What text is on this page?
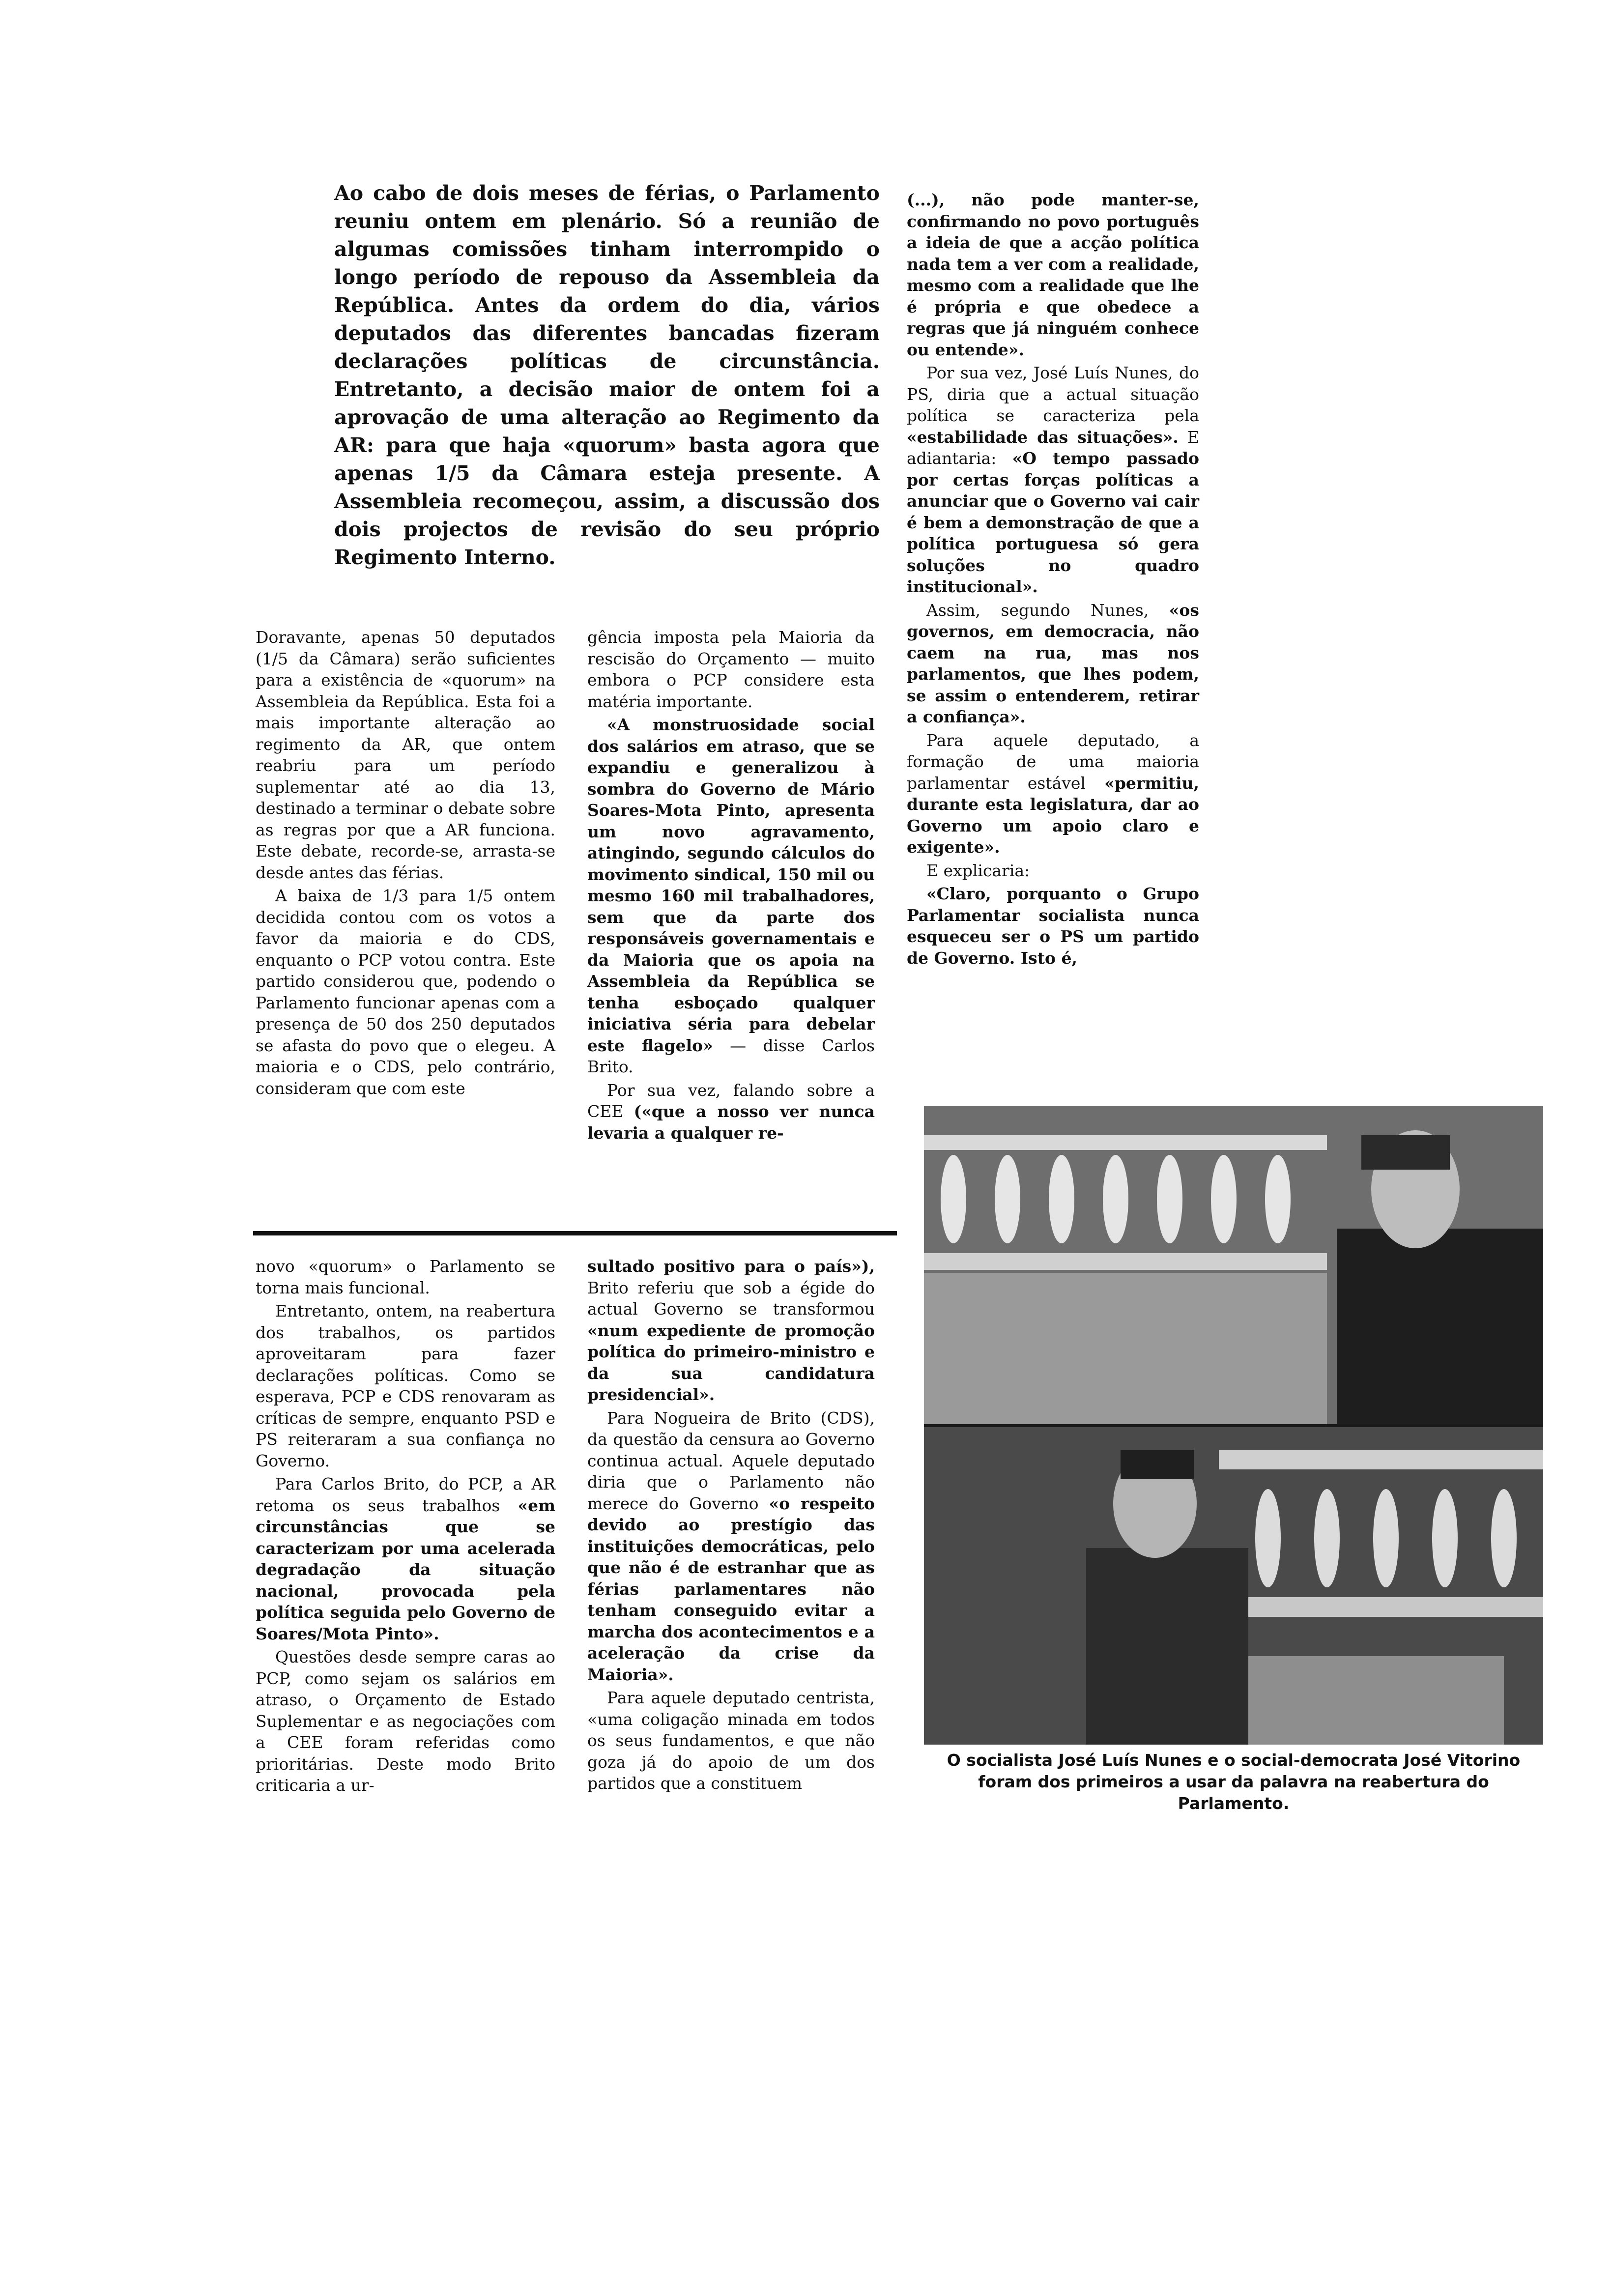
Ao cabo de dois meses de férias, o Parlamento reuniu ontem em plenário. Só a reunião de algumas comissões tinham interrompido o longo período de repouso da Assembleia da República. Antes da ordem do dia, vários deputados das diferentes bancadas fizeram declarações políticas de circunstância. Entretanto, a decisão maior de ontem foi a aprovação de uma alteração ao Regimento da AR: para que haja «quorum» basta agora que apenas 1/5 da Câmara esteja presente. A Assembleia recomeçou, assim, a discussão dos dois projectos de revisão do seu próprio Regimento Interno.

Doravante, apenas 50 deputados (1/5 da Câmara) serão suficientes para a existência de «quorum» na Assembleia da República. Esta foi a mais importante alteração ao regimento da AR, que ontem reabriu para um período suplementar até ao dia 13, destinado a terminar o debate sobre as regras por que a AR funciona. Este debate, recorde-se, arrasta-se desde antes das férias.

A baixa de 1/3 para 1/5 ontem decidida contou com os votos a favor da maioria e do CDS, enquanto o PCP votou contra. Este partido considerou que, podendo o Parlamento funcionar apenas com a presença de 50 dos 250 deputados se afasta do povo que o elegeu. A maioria e o CDS, pelo contrário, consideram que com este

gência imposta pela Maioria da rescisão do Orçamento — muito embora o PCP considere esta matéria importante.

«A monstruosidade social dos salários em atraso, que se expandiu e generalizou à sombra do Governo de Mário Soares-Mota Pinto, apresenta um novo agravamento, atingindo, segundo cálculos do movimento sindical, 150 mil ou mesmo 160 mil trabalhadores, sem que da parte dos responsáveis governamentais e da Maioria que os apoia na Assembleia da República se tenha esboçado qualquer iniciativa séria para debelar este flagelo» — disse Carlos Brito.

Por sua vez, falando sobre a CEE («que a nosso ver nunca levaria a qualquer re-

(...), não pode manter-se, confirmando no povo português a ideia de que a acção política nada tem a ver com a realidade, mesmo com a realidade que lhe é própria e que obedece a regras que já ninguém conhece ou entende».

Por sua vez, José Luís Nunes, do PS, diria que a actual situação política se caracteriza pela «estabilidade das situações». E adiantaria: «O tempo passado por certas forças políticas a anunciar que o Governo vai cair é bem a demonstração de que a política portuguesa só gera soluções no quadro institucional».

Assim, segundo Nunes, «os governos, em democracia, não caem na rua, mas nos parlamentos, que lhes podem, se assim o entenderem, retirar a confiança».

Para aquele deputado, a formação de uma maioria parlamentar estável «permitiu, durante esta legislatura, dar ao Governo um apoio claro e exigente».

E explicaria:

«Claro, porquanto o Grupo Parlamentar socialista nunca esqueceu ser o PS um partido de Governo. Isto é,

novo «quorum» o Parlamento se torna mais funcional.

Entretanto, ontem, na reabertura dos trabalhos, os partidos aproveitaram para fazer declarações políticas. Como se esperava, PCP e CDS renovaram as críticas de sempre, enquanto PSD e PS reiteraram a sua confiança no Governo.

Para Carlos Brito, do PCP, a AR retoma os seus trabalhos «em circunstâncias que se caracterizam por uma acelerada degradação da situação nacional, provocada pela política seguida pelo Governo de Soares/Mota Pinto».

Questões desde sempre caras ao PCP, como sejam os salários em atraso, o Orçamento de Estado Suplementar e as negociações com a CEE foram referidas como prioritárias. Deste modo Brito criticaria a ur-

sultado positivo para o país»), Brito referiu que sob a égide do actual Governo se transformou «num expediente de promoção política do primeiro-ministro e da sua candidatura presidencial».

Para Nogueira de Brito (CDS), da questão da censura ao Governo continua actual. Aquele deputado diria que o Parlamento não merece do Governo «o respeito devido ao prestígio das instituições democráticas, pelo que não é de estranhar que as férias parlamentares não tenham conseguido evitar a marcha dos acontecimentos e a aceleração da crise da Maioria».

Para aquele deputado centrista, «uma coligação minada em todos os seus fundamentos, e que não goza já do apoio de um dos partidos que a constituem

O socialista José Luís Nunes e o social-democrata José Vitorino foram dos primeiros a usar da palavra na reabertura do Parlamento.
